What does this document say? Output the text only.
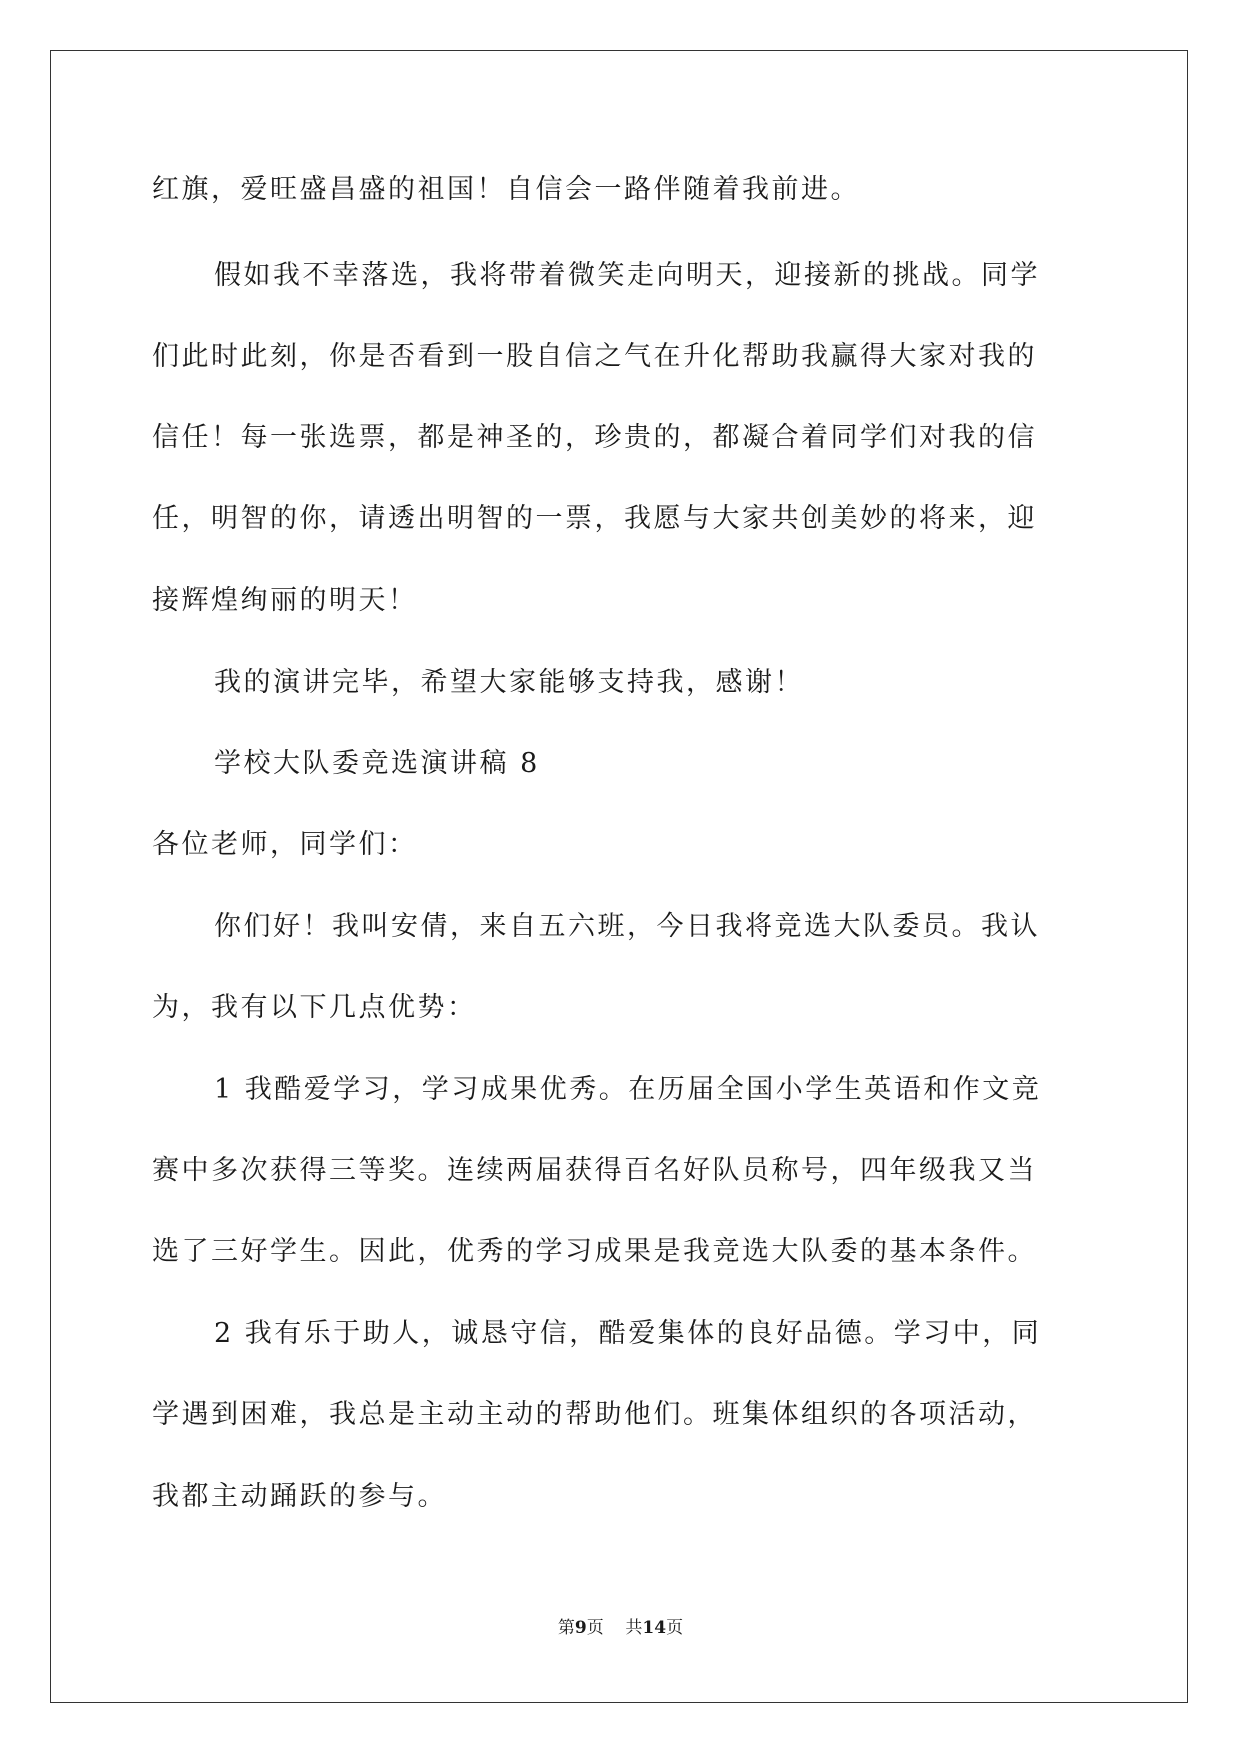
红旗，爱旺盛昌盛的祖国！自信会一路伴随着我前进。
假如我不幸落选，我将带着微笑走向明天，迎接新的挑战。同学
们此时此刻，你是否看到一股自信之气在升化帮助我赢得大家对我的
信任！每一张选票，都是神圣的，珍贵的，都凝合着同学们对我的信
任，明智的你，请透出明智的一票，我愿与大家共创美妙的将来，迎
接辉煌绚丽的明天！
我的演讲完毕，希望大家能够支持我，感谢！
学校大队委竞选演讲稿 8
各位老师，同学们：
你们好！我叫安倩，来自五六班，今日我将竞选大队委员。我认
为，我有以下几点优势：
1 我酷爱学习，学习成果优秀。在历届全国小学生英语和作文竞
赛中多次获得三等奖。连续两届获得百名好队员称号，四年级我又当
选了三好学生。因此，优秀的学习成果是我竞选大队委的基本条件。
2 我有乐于助人，诚恳守信，酷爱集体的良好品德。学习中，同
学遇到困难，我总是主动主动的帮助他们。班集体组织的各项活动，
我都主动踊跃的参与。
第9页 共14页
